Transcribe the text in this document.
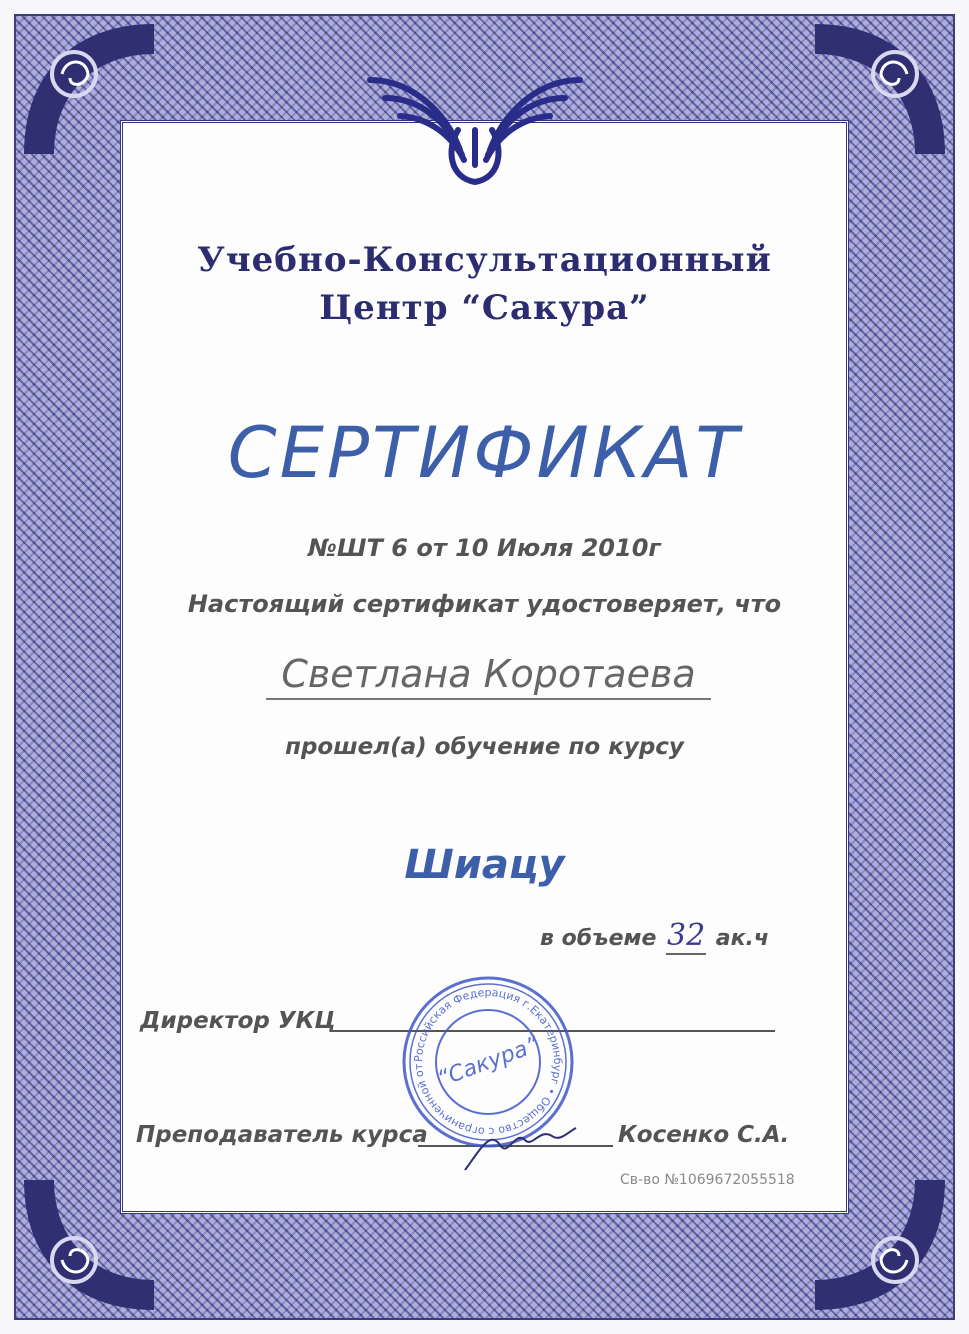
Учебно-Консультационный
Центр “Сакура”
СЕРТИФИКАТ
№ШТ 6 от 10 Июля 2010г
Настоящий сертификат удостоверяет, что
Светлана Коротаева
прошел(а) обучение по курсу
Шиацу
в объеме 32 ак.ч
Директор УКЦ
Преподаватель курса	Косенко С.А.
Св-во №1069672055518
Российская Федерация г.Екатеринбург • Общество с ограниченной от “Сакура”
